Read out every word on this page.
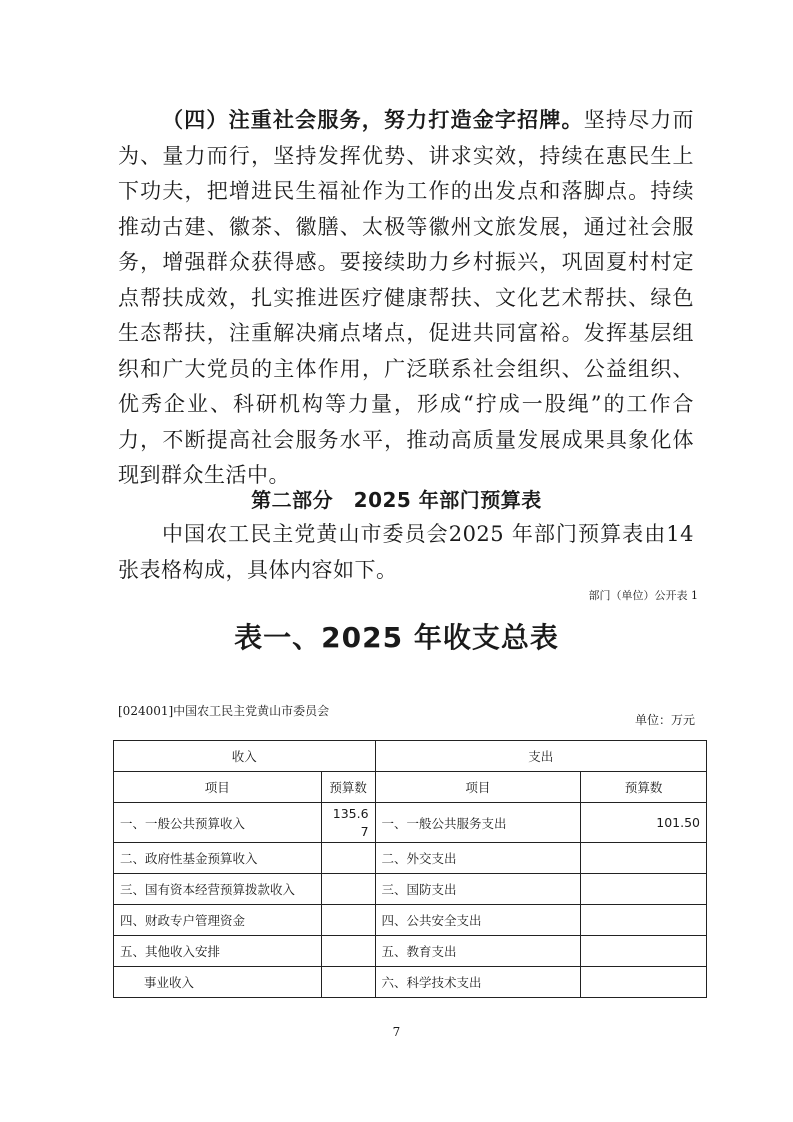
（四）注重社会服务，努力打造金字招牌。坚持尽力而为、量力而行，坚持发挥优势、讲求实效，持续在惠民生上下功夫，把增进民生福祉作为工作的出发点和落脚点。持续推动古建、徽茶、徽膳、太极等徽州文旅发展，通过社会服务，增强群众获得感。要接续助力乡村振兴，巩固夏村村定点帮扶成效，扎实推进医疗健康帮扶、文化艺术帮扶、绿色生态帮扶，注重解决痛点堵点，促进共同富裕。发挥基层组织和广大党员的主体作用，广泛联系社会组织、公益组织、优秀企业、科研机构等力量，形成“拧成一股绳”的工作合力，不断提高社会服务水平，推动高质量发展成果具象化体现到群众生活中。

第二部分　2025 年部门预算表

中国农工民主党黄山市委员会2025 年部门预算表由14 张表格构成，具体内容如下。

部门（单位）公开表 1

表一、2025 年收支总表

[024001]中国农工民主党黄山市委员会

单位：万元

收入		支出	
项目	预算数	项目	预算数
一、一般公共预算收入	135.67	一、一般公共服务支出	101.50
二、政府性基金预算收入		二、外交支出	
三、国有资本经营预算拨款收入		三、国防支出	
四、财政专户管理资金		四、公共安全支出	
五、其他收入安排		五、教育支出	
事业收入		六、科学技术支出	

7
